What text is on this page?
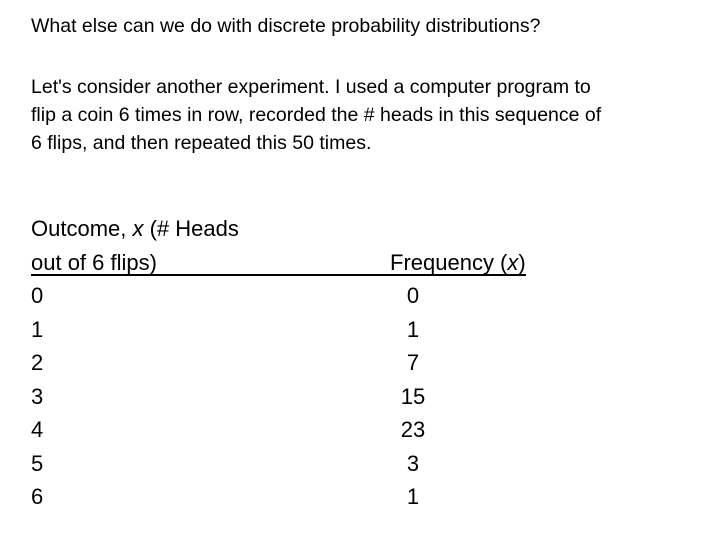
What else can we do with discrete probability distributions?
Let's consider another experiment. I used a computer program to
flip a coin 6 times in row, recorded the # heads in this sequence of
6 flips, and then repeated this 50 times.
Outcome, x (# Heads
out of 6 flips)	Frequency (x)
0	0
1	1
2	7
3	15
4	23
5	3
6	1
